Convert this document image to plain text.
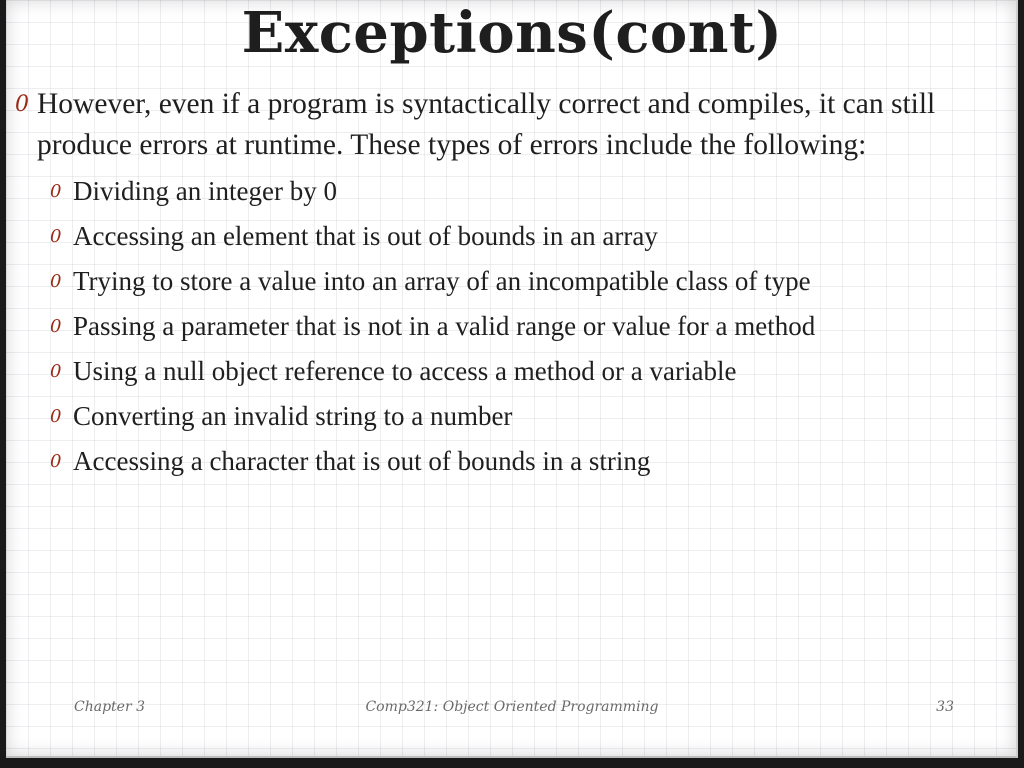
Exceptions(cont)
0 However, even if a program is syntactically correct and compiles, it can still produce errors at runtime. These types of errors include the following:
0 Dividing an integer by 0
0 Accessing an element that is out of bounds in an array
0 Trying to store a value into an array of an incompatible class of type
0 Passing a parameter that is not in a valid range or value for a method
0 Using a null object reference to access a method or a variable
0 Converting an invalid string to a number
0 Accessing a character that is out of bounds in a string
Chapter 3	Comp321: Object Oriented Programming	33
